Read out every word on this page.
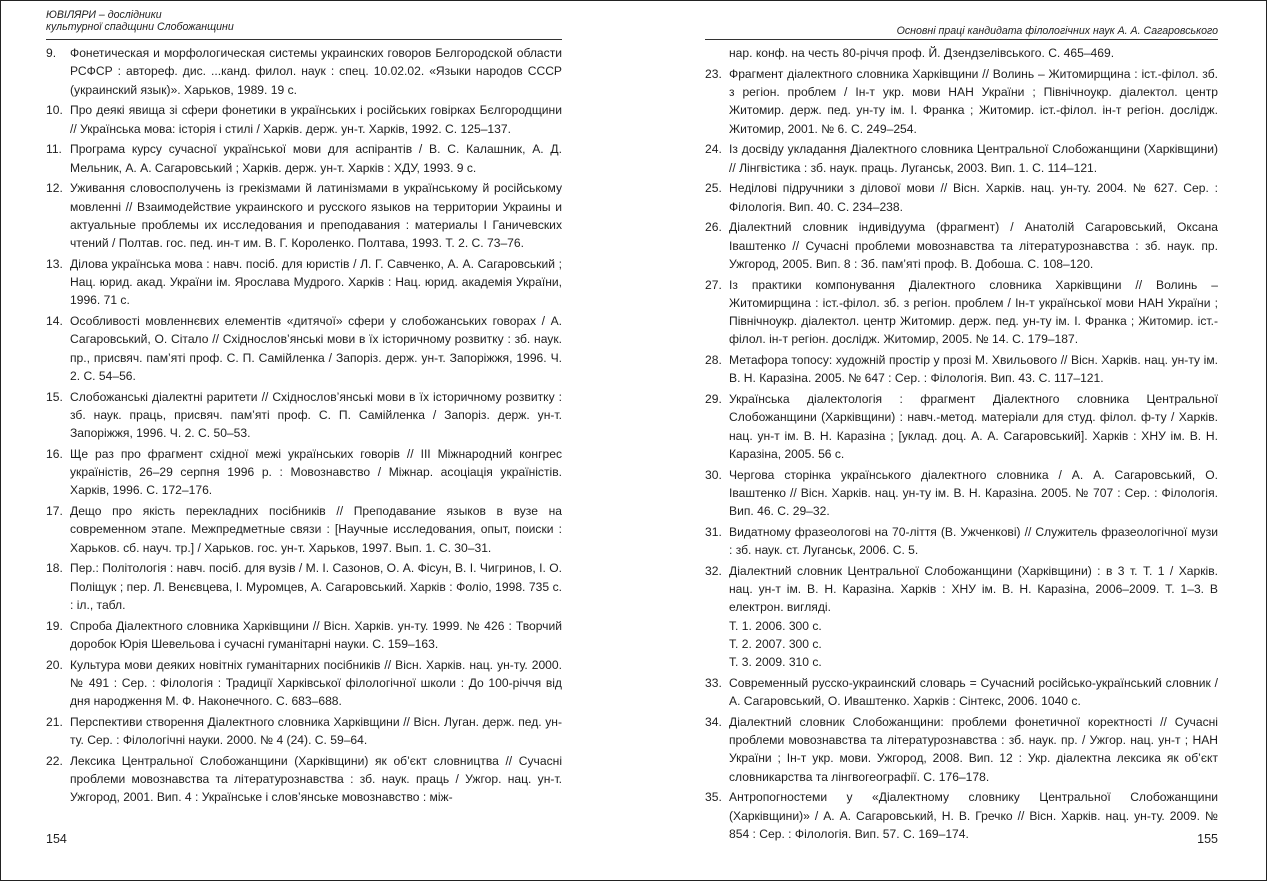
ЮВІЛЯРИ – дослідники
культурної спадщини Слобожанщини
9.	Фонетическая и морфологическая системы украинских говоров Белгородской области РСФСР : автореф. дис. ...канд. филол. наук : спец. 10.02.02. «Языки народов СССР (украинский язык)». Харьков, 1989. 19 с.
10. Про деякі явища зі сфери фонетики в українських і російських говірках Бєлгородщини // Українська мова: історія і стилі / Харків. держ. ун-т. Харків, 1992. С. 125–137.
11. Програма курсу сучасної української мови для аспірантів / В. С. Калашник, А. Д. Мельник, А. А. Сагаровський ; Харків. держ. ун-т. Харків : ХДУ, 1993. 9 с.
12. Уживання словосполучень із грекізмами й латинізмами в українському й російському мовленні // Взаимодействие украинского и русского языков на территории Украины и актуальные проблемы их исследования и преподавания : материалы І Ганичевских чтений / Полтав. гос. пед. ин-т им. В. Г. Короленко. Полтава, 1993. Т. 2. С. 73–76.
13. Ділова українська мова : навч. посіб. для юристів / Л. Г. Савченко, А. А. Сагаровський ; Нац. юрид. акад. України ім. Ярослава Мудрого. Харків : Нац. юрид. академія України, 1996. 71 с.
14. Особливості мовленнєвих елементів «дитячої» сфери у слобожанських говорах / А. Сагаровський, О. Сітало // Східнослов’янські мови в їх історичному розвитку : зб. наук. пр., присвяч. пам’яті проф. С. П. Самійленка / Запоріз. держ. ун-т. Запоріжжя, 1996. Ч. 2. С. 54–56.
15. Слобожанські діалектні раритети // Східнослов’янські мови в їх історичному розвитку : зб. наук. праць, присвяч. пам’яті проф. С. П. Самійленка / Запоріз. держ. ун-т. Запоріжжя, 1996. Ч. 2. С. 50–53.
16. Ще раз про фрагмент східної межі українських говорів // ІІІ Міжнародний конгрес україністів, 26–29 серпня 1996 р. : Мовознавство / Міжнар. асоціація україністів. Харків, 1996. С. 172–176.
17. Дещо про якість перекладних посібників // Преподавание языков в вузе на современном этапе. Межпредметные связи : [Научные исследования, опыт, поиски : Харьков. сб. науч. тр.] / Харьков. гос. ун-т. Харьков, 1997. Вып. 1. С. 30–31.
18. Пер.: Політологія : навч. посіб. для вузів / М. І. Сазонов, О. А. Фісун, В. І. Чигринов, І. О. Поліщук ; пер. Л. Венєвцева, І. Муромцев, А. Сагаровський. Харків : Фоліо, 1998. 735 с. : іл., табл.
19. Спроба Діалектного словника Харківщини // Вісн. Харків. ун-ту. 1999. № 426 : Творчий доробок Юрія Шевельова і сучасні гуманітарні науки. С. 159–163.
20. Культура мови деяких новітніх гуманітарних посібників // Вісн. Харків. нац. ун-ту. 2000. № 491 : Сер. : Філологія : Традиції Харківської філологічної школи : До 100-річчя від дня народження М. Ф. Наконечного. С. 683–688.
21. Перспективи створення Діалектного словника Харківщини // Вісн. Луган. держ. пед. ун-ту. Сер. : Філологічні науки. 2000. № 4 (24). С. 59–64.
22. Лексика Центральної Слобожанщини (Харківщини) як об’єкт словництва // Сучасні проблеми мовознавства та літературознавства : зб. наук. праць / Ужгор. нац. ун-т. Ужгород, 2001. Вип. 4 : Українське і слов’янське мовознавство : між-
154
Основні праці кандидата філологічних наук А. А. Сагаровського
нар. конф. на честь 80-річчя проф. Й. Дзендзелівського. С. 465–469.
23. Фрагмент діалектного словника Харківщини // Волинь – Житомирщина : іст.-філол. зб. з регіон. проблем / Ін-т укр. мови НАН України ; Північноукр. діалектол. центр Житомир. держ. пед. ун-ту ім. І. Франка ; Житомир. іст.-філол. ін-т регіон. дослідж. Житомир, 2001. № 6. С. 249–254.
24. Із досвіду укладання Діалектного словника Центральної Слобожанщини (Харківщини) // Лінгвістика : зб. наук. праць. Луганськ, 2003. Вип. 1. С. 114–121.
25. Неділові підручники з ділової мови // Вісн. Харків. нац. ун-ту. 2004. № 627. Сер. : Філологія. Вип. 40. С. 234–238.
26. Діалектний словник індивідуума (фрагмент) / Анатолій Сагаровський, Оксана Іваштенко // Сучасні проблеми мовознавства та літературознавства : зб. наук. пр. Ужгород, 2005. Вип. 8 : Зб. пам’яті проф. В. Добоша. С. 108–120.
27. Із практики компонування Діалектного словника Харківщини // Волинь – Житомирщина : іст.-філол. зб. з регіон. проблем / Ін-т української мови НАН України ; Північноукр. діалектол. центр Житомир. держ. пед. ун-ту ім. І. Франка ; Житомир. іст.-філол. ін-т регіон. дослідж. Житомир, 2005. № 14. С. 179–187.
28. Метафора топосу: художній простір у прозі М. Хвильового // Вісн. Харків. нац. ун-ту ім. В. Н. Каразіна. 2005. № 647 : Сер. : Філологія. Вип. 43. С. 117–121.
29. Українська діалектологія : фрагмент Діалектного словника Центральної Слобожанщини (Харківщини) : навч.-метод. матеріали для студ. філол. ф-ту / Харків. нац. ун-т ім. В. Н. Каразіна ; [уклад. доц. А. А. Сагаровський]. Харків : ХНУ ім. В. Н. Каразіна, 2005. 56 с.
30. Чергова сторінка українського діалектного словника / А. А. Сагаровський, О. Іваштенко // Вісн. Харків. нац. ун-ту ім. В. Н. Каразіна. 2005. № 707 : Сер. : Філологія. Вип. 46. С. 29–32.
31. Видатному фразеологові на 70-ліття (В. Ужченкові) // Служитель фразеологічної музи : зб. наук. ст. Луганськ, 2006. С. 5.
32. Діалектний словник Центральної Слобожанщини (Харківщини) : в 3 т. Т. 1 / Харків. нац. ун-т ім. В. Н. Каразіна. Харків : ХНУ ім. В. Н. Каразіна, 2006–2009. Т. 1–3. В електрон. вигляді.
Т. 1. 2006. 300 с.
Т. 2. 2007. 300 с.
Т. 3. 2009. 310 с.
33. Современный русско-украинский словарь = Сучасний російсько-український словник / А. Сагаровський, О. Иваштенко. Харків : Сінтекс, 2006. 1040 с.
34. Діалектний словник Слобожанщини: проблеми фонетичної коректності // Сучасні проблеми мовознавства та літературознавства : зб. наук. пр. / Ужгор. нац. ун-т ; НАН України ; Ін-т укр. мови. Ужгород, 2008. Вип. 12 : Укр. діалектна лексика як об’єкт словникарства та лінгвогеографії. С. 176–178.
35. Антропогностеми у «Діалектному словнику Центральної Слобожанщини (Харківщини)» / А. А. Сагаровський, Н. В. Гречко // Вісн. Харків. нац. ун-ту. 2009. № 854 : Сер. : Філологія. Вип. 57. С. 169–174.	155
